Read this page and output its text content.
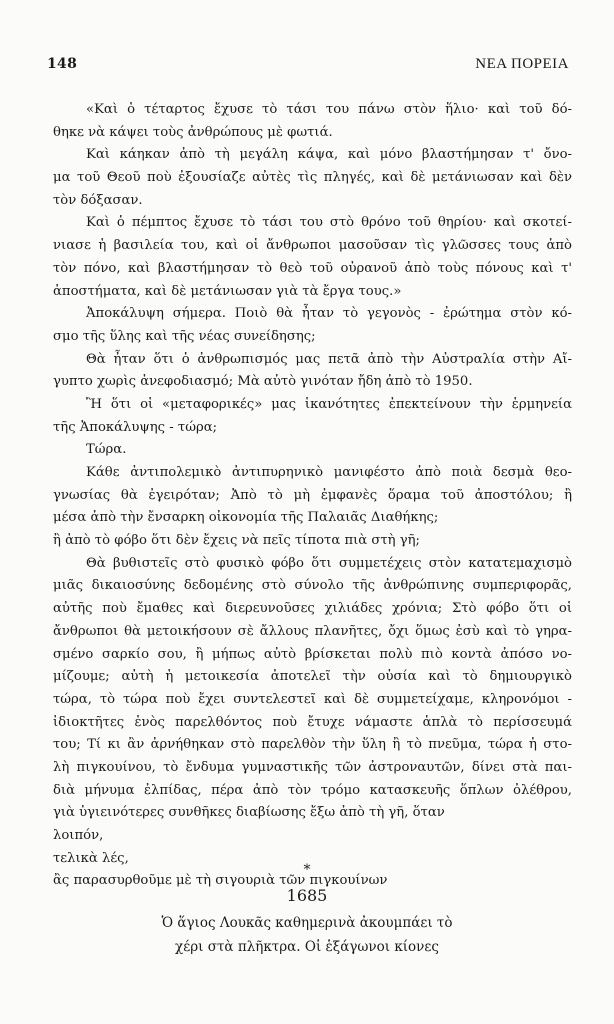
148	ΝΕΑ ΠΟΡΕΙΑ
«Καὶ ὁ τέταρτος ἔχυσε τὸ τάσι του πάνω στὸν ἥλιο· καὶ τοῦ δό-
θηκε νὰ κάψει τοὺς ἀνθρώπους μὲ φωτιά.
Καὶ κάηκαν ἀπὸ τὴ μεγάλη κάψα, καὶ μόνο βλαστήμησαν τ' ὄνο-
μα τοῦ Θεοῦ ποὺ ἐξουσίαζε αὐτὲς τὶς πληγές, καὶ δὲ μετάνιωσαν καὶ δὲν
τὸν δόξασαν.
Καὶ ὁ πέμπτος ἔχυσε τὸ τάσι του στὸ θρόνο τοῦ θηρίου· καὶ σκοτεί-
νιασε ἡ βασιλεία του, καὶ οἱ ἄνθρωποι μασοῦσαν τὶς γλῶσσες τους ἀπὸ
τὸν πόνο, καὶ βλαστήμησαν τὸ θεὸ τοῦ οὐρανοῦ ἀπὸ τοὺς πόνους καὶ τ'
ἀποστήματα, καὶ δὲ μετάνιωσαν γιὰ τὰ ἔργα τους.»
Ἀποκάλυψη σήμερα. Ποιὸ θὰ ἦταν τὸ γεγονὸς - ἐρώτημα στὸν κό-
σμο τῆς ὕλης καὶ τῆς νέας συνείδησης;
Θὰ ἦταν ὅτι ὁ ἀνθρωπισμός μας πετᾶ ἀπὸ τὴν Αὐστραλία στὴν Αἴ-
γυπτο χωρὶς ἀνεφοδιασμό; Μὰ αὐτὸ γινόταν ἤδη ἀπὸ τὸ 1950.
Ἢ ὅτι οἱ «μεταφορικές» μας ἱκανότητες ἐπεκτείνουν τὴν ἑρμηνεία
τῆς Ἀποκάλυψης - τώρα;
Τώρα.
Κάθε ἀντιπολεμικὸ ἀντιπυρηνικὸ μανιφέστο ἀπὸ ποιὰ δεσμὰ θεο-
γνωσίας θὰ ἐγειρόταν; Ἀπὸ τὸ μὴ ἐμφανὲς ὅραμα τοῦ ἀποστόλου; ἢ
μέσα ἀπὸ τὴν ἔνσαρκη οἰκονομία τῆς Παλαιᾶς Διαθήκης;
ἢ ἀπὸ τὸ φόβο ὅτι δὲν ἔχεις νὰ πεῖς τίποτα πιὰ στὴ γῆ;
Θὰ βυθιστεῖς στὸ φυσικὸ φόβο ὅτι συμμετέχεις στὸν κατατεμαχισμὸ
μιᾶς δικαιοσύνης δεδομένης στὸ σύνολο τῆς ἀνθρώπινης συμπεριφορᾶς,
αὐτῆς ποὺ ἔμαθες καὶ διερευνοῦσες χιλιάδες χρόνια; Στὸ φόβο ὅτι οἱ
ἄνθρωποι θὰ μετοικήσουν σὲ ἄλλους πλανῆτες, ὄχι ὅμως ἐσὺ καὶ τὸ γηρα-
σμένο σαρκίο σου, ἢ μήπως αὐτὸ βρίσκεται πολὺ πιὸ κοντὰ ἀπόσο νο-
μίζουμε; αὐτὴ ἡ μετοικεσία ἀποτελεῖ τὴν οὐσία καὶ τὸ δημιουργικὸ
τώρα, τὸ τώρα ποὺ ἔχει συντελεστεῖ καὶ δὲ συμμετείχαμε, κληρονόμοι -
ἰδιοκτῆτες ἑνὸς παρελθόντος ποὺ ἔτυχε νάμαστε ἁπλὰ τὸ περίσσευμά
του; Τί κι ἂν ἀρνήθηκαν στὸ παρελθὸν τὴν ὕλη ἢ τὸ πνεῦμα, τώρα ἡ στο-
λὴ πιγκουίνου, τὸ ἔνδυμα γυμναστικῆς τῶν ἀστροναυτῶν, δίνει στὰ παι-
διὰ μήνυμα ἐλπίδας, πέρα ἀπὸ τὸν τρόμο κατασκευῆς ὅπλων ὀλέθρου,
γιὰ ὑγιεινότερες συνθῆκες διαβίωσης ἔξω ἀπὸ τὴ γῆ, ὅταν
λοιπόν,
τελικὰ λές,
ἂς παρασυρθοῦμε μὲ τὴ σιγουριὰ τῶν πιγκουίνων
*
1685
Ὁ ἅγιος Λουκᾶς καθημερινὰ ἀκουμπάει τὸ
χέρι στὰ πλῆκτρα. Οἱ ἑξάγωνοι κίονες
